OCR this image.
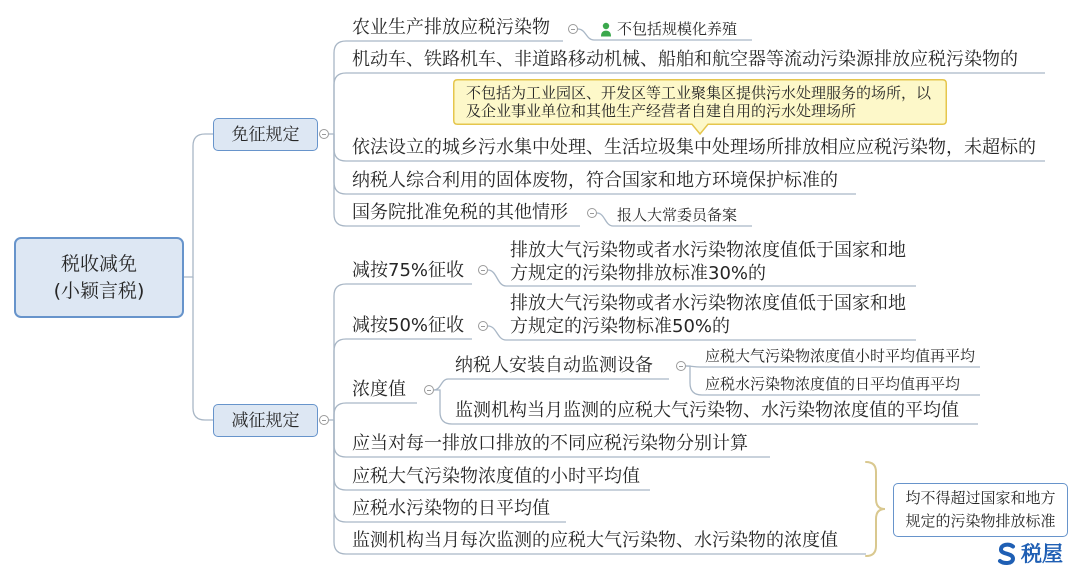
税收减免
(小颖言税)
免征规定
农业生产排放应税污染物	不包括规模化养殖
机动车、铁路机车、非道路移动机械、船舶和航空器等流动污染源排放应税污染物的
不包括为工业园区、开发区等工业聚集区提供污水处理服务的场所，以
及企业事业单位和其他生产经营者自建自用的污水处理场所
依法设立的城乡污水集中处理、生活垃圾集中处理场所排放相应应税污染物，未超标的
纳税人综合利用的固体废物，符合国家和地方环境保护标准的
国务院批准免税的其他情形	报人大常委员备案
减征规定
减按75%征收
排放大气污染物或者水污染物浓度值低于国家和地
方规定的污染物排放标准30%的
减按50%征收
排放大气污染物或者水污染物浓度值低于国家和地
方规定的污染物标准50%的
浓度值
纳税人安装自动监测设备	应税大气污染物浓度值小时平均值再平均
应税水污染物浓度值的日平均值再平均
监测机构当月监测的应税大气污染物、水污染物浓度值的平均值
应当对每一排放口排放的不同应税污染物分别计算
应税大气污染物浓度值的小时平均值
应税水污染物的日平均值
监测机构当月每次监测的应税大气污染物、水污染物的浓度值
均不得超过国家和地方
规定的污染物排放标准
税屋
